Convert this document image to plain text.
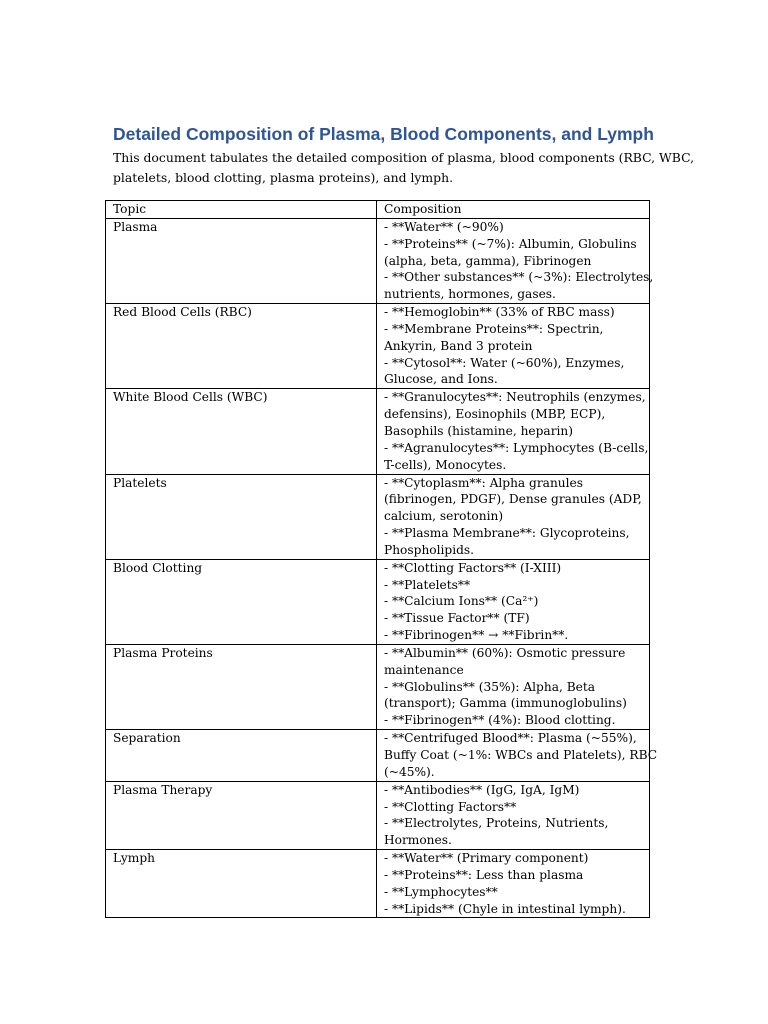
Detailed Composition of Plasma, Blood Components, and Lymph

This document tabulates the detailed composition of plasma, blood components (RBC, WBC,
platelets, blood clotting, plasma proteins), and lymph.

Topic	Composition
Plasma	- **Water** (~90%)
- **Proteins** (~7%): Albumin, Globulins
(alpha, beta, gamma), Fibrinogen
- **Other substances** (~3%): Electrolytes,
nutrients, hormones, gases.

Red Blood Cells (RBC)	- **Hemoglobin** (33% of RBC mass)
- **Membrane Proteins**: Spectrin,
Ankyrin, Band 3 protein
- **Cytosol**: Water (~60%), Enzymes,
Glucose, and Ions.

White Blood Cells (WBC)	- **Granulocytes**: Neutrophils (enzymes,
defensins), Eosinophils (MBP, ECP),
Basophils (histamine, heparin)
- **Agranulocytes**: Lymphocytes (B-cells,
T-cells), Monocytes.

Platelets	- **Cytoplasm**: Alpha granules
(fibrinogen, PDGF), Dense granules (ADP,
calcium, serotonin)
- **Plasma Membrane**: Glycoproteins,
Phospholipids.

Blood Clotting	- **Clotting Factors** (I-XIII)
- **Platelets**
- **Calcium Ions** (Ca²⁺)
- **Tissue Factor** (TF)
- **Fibrinogen** → **Fibrin**.

Plasma Proteins	- **Albumin** (60%): Osmotic pressure
maintenance
- **Globulins** (35%): Alpha, Beta
(transport); Gamma (immunoglobulins)
- **Fibrinogen** (4%): Blood clotting.

Separation	- **Centrifuged Blood**: Plasma (~55%),
Buffy Coat (~1%: WBCs and Platelets), RBC
(~45%).

Plasma Therapy	- **Antibodies** (IgG, IgA, IgM)
- **Clotting Factors**
- **Electrolytes, Proteins, Nutrients,
Hormones.

Lymph	- **Water** (Primary component)
- **Proteins**: Less than plasma
- **Lymphocytes**
- **Lipids** (Chyle in intestinal lymph).
